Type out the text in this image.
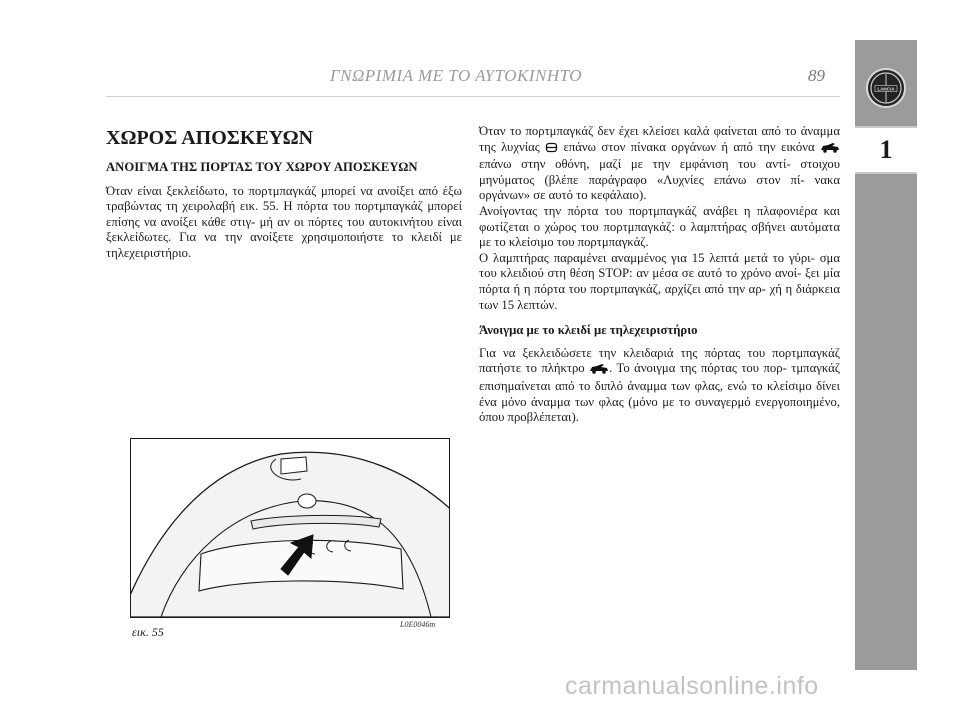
LANCIA
1
ΓΝΩΡΙΜΙΑ ΜΕ ΤΟ ΑΥΤΟΚΙΝΗΤΟ	89
ΧΩΡΟΣ ΑΠΟΣΚΕΥΩΝ
ΑΝΟΙΓΜΑ ΤΗΣ ΠΟΡΤΑΣ ΤΟΥ ΧΩΡΟΥ ΑΠΟΣΚΕΥΩΝ

Όταν είναι ξεκλείδωτο, το πορτμπαγκάζ μπορεί να ανοίξει από έξω τραβώντας τη χειρολαβή εικ. 55. Η πόρτα του πορτμπαγκάζ μπορεί επίσης να ανοίξει κάθε στιγ- μή αν οι πόρτες του αυτοκινήτου είναι ξεκλείδωτες. Για να την ανοίξετε χρησιμοποιήστε το κλειδί με τηλεχειριστήριο.

εικ. 55
L0E0046m

Όταν το πορτμπαγκάζ δεν έχει κλείσει καλά φαίνεται από το άναμμα της λυχνίας επάνω στον πίνακα οργάνων ή από την εικόνα  επάνω στην οθόνη, μαζί με την εμφάνιση του αντί- στοιχου μηνύματος (βλέπε παράγραφο «Λυχνίες επάνω στον πί- νακα οργάνων» σε αυτό το κεφάλαιο).

Ανοίγοντας την πόρτα του πορτμπαγκάζ ανάβει η πλαφονιέρα και φωτίζεται ο χώρος του πορτμπαγκάζ: ο λαμπτήρας σβήνει αυτόματα με το κλείσιμο του πορτμπαγκάζ.

Ο λαμπτήρας παραμένει αναμμένος για 15 λεπτά μετά το γύρι- σμα του κλειδιού στη θέση STOP: αν μέσα σε αυτό το χρόνο ανοί- ξει μία πόρτα ή η πόρτα του πορτμπαγκάζ, αρχίζει από την αρ- χή η διάρκεια των 15 λεπτών.

Άνοιγμα με το κλειδί με τηλεχειριστήριο

Για να ξεκλειδώσετε την κλειδαριά της πόρτας του πορτμπαγκάζ πατήστε το πλήκτρο . Το άνοιγμα της πόρτας του πορ- τμπαγκάζ επισημαίνεται από το διπλό άναμμα των φλας, ενώ το κλείσιμο δίνει ένα μόνο άναμμα των φλας (μόνο με το συναγερμό ενεργοποιημένο, όπου προβλέπεται).

carmanualsonline.info
